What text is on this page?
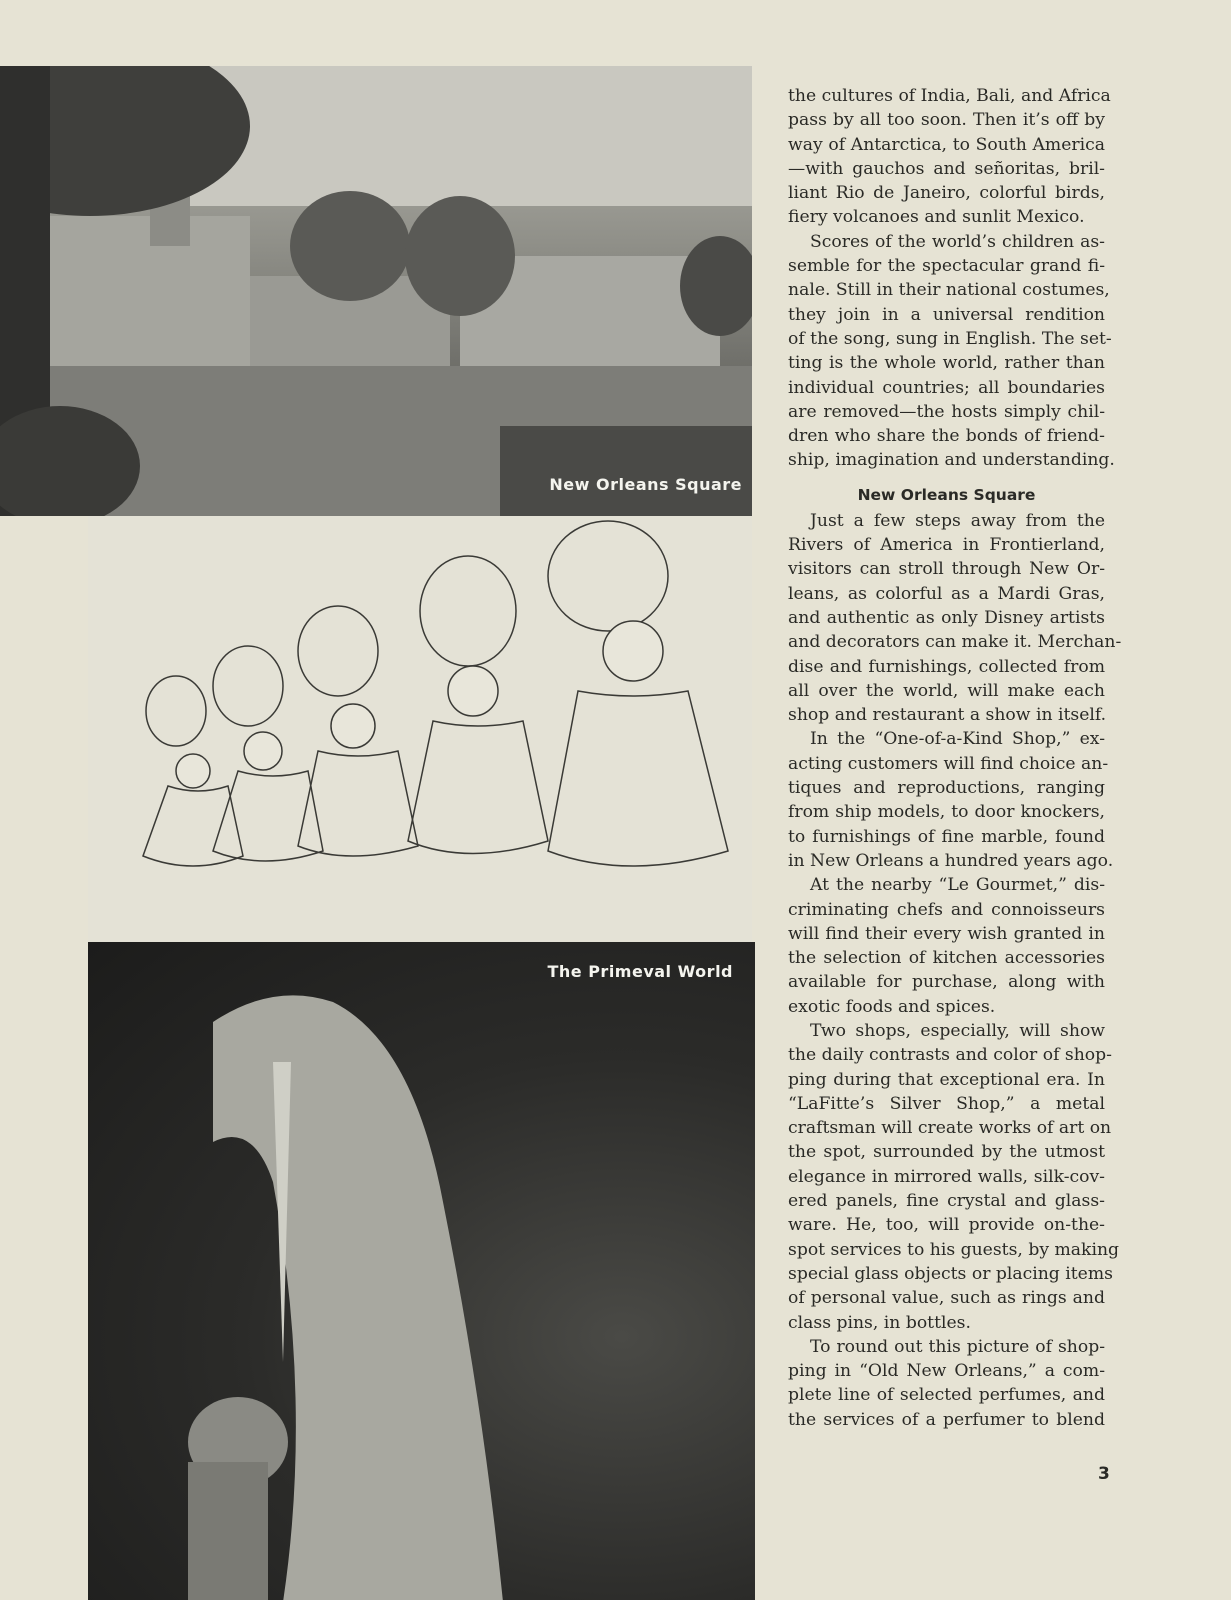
New Orleans Square
The Primeval World
the cultures of India, Bali, and Africa
pass by all too soon. Then it’s off by
way of Antarctica, to South America
—with gauchos and señoritas, bril-
liant Rio de Janeiro, colorful birds,
fiery volcanoes and sunlit Mexico.
Scores of the world’s children as-
semble for the spectacular grand fi-
nale. Still in their national costumes,
they join in a universal rendition
of the song, sung in English. The set-
ting is the whole world, rather than
individual countries; all boundaries
are removed—the hosts simply chil-
dren who share the bonds of friend-
ship, imagination and understanding.
New Orleans Square
Just a few steps away from the
Rivers of America in Frontierland,
visitors can stroll through New Or-
leans, as colorful as a Mardi Gras,
and authentic as only Disney artists
and decorators can make it. Merchan-
dise and furnishings, collected from
all over the world, will make each
shop and restaurant a show in itself.
In the “One-of-a-Kind Shop,” ex-
acting customers will find choice an-
tiques and reproductions, ranging
from ship models, to door knockers,
to furnishings of fine marble, found
in New Orleans a hundred years ago.
At the nearby “Le Gourmet,” dis-
criminating chefs and connoisseurs
will find their every wish granted in
the selection of kitchen accessories
available for purchase, along with
exotic foods and spices.
Two shops, especially, will show
the daily contrasts and color of shop-
ping during that exceptional era. In
“LaFitte’s Silver Shop,” a metal
craftsman will create works of art on
the spot, surrounded by the utmost
elegance in mirrored walls, silk-cov-
ered panels, fine crystal and glass-
ware. He, too, will provide on-the-
spot services to his guests, by making
special glass objects or placing items
of personal value, such as rings and
class pins, in bottles.
To round out this picture of shop-
ping in “Old New Orleans,” a com-
plete line of selected perfumes, and
the services of a perfumer to blend
3
